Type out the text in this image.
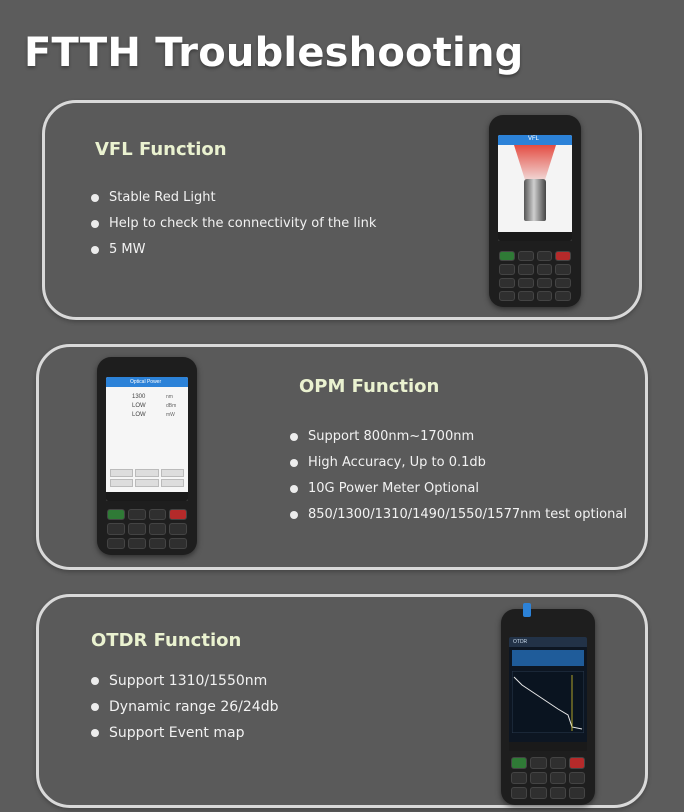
FTTH Troubleshooting
VFL Function
Stable Red Light
Help to check the connectivity of the link
5 MW
VFL
OPM Function
Support 800nm~1700nm
High Accuracy, Up to 0.1db
10G Power Meter Optional
850/1300/1310/1490/1550/1577nm test optional
Optical Power
1300
LOW
LOW
nm
dBm
mW
OTDR Function
Support 1310/1550nm
Dynamic range 26/24db
Support Event map
OTDR
